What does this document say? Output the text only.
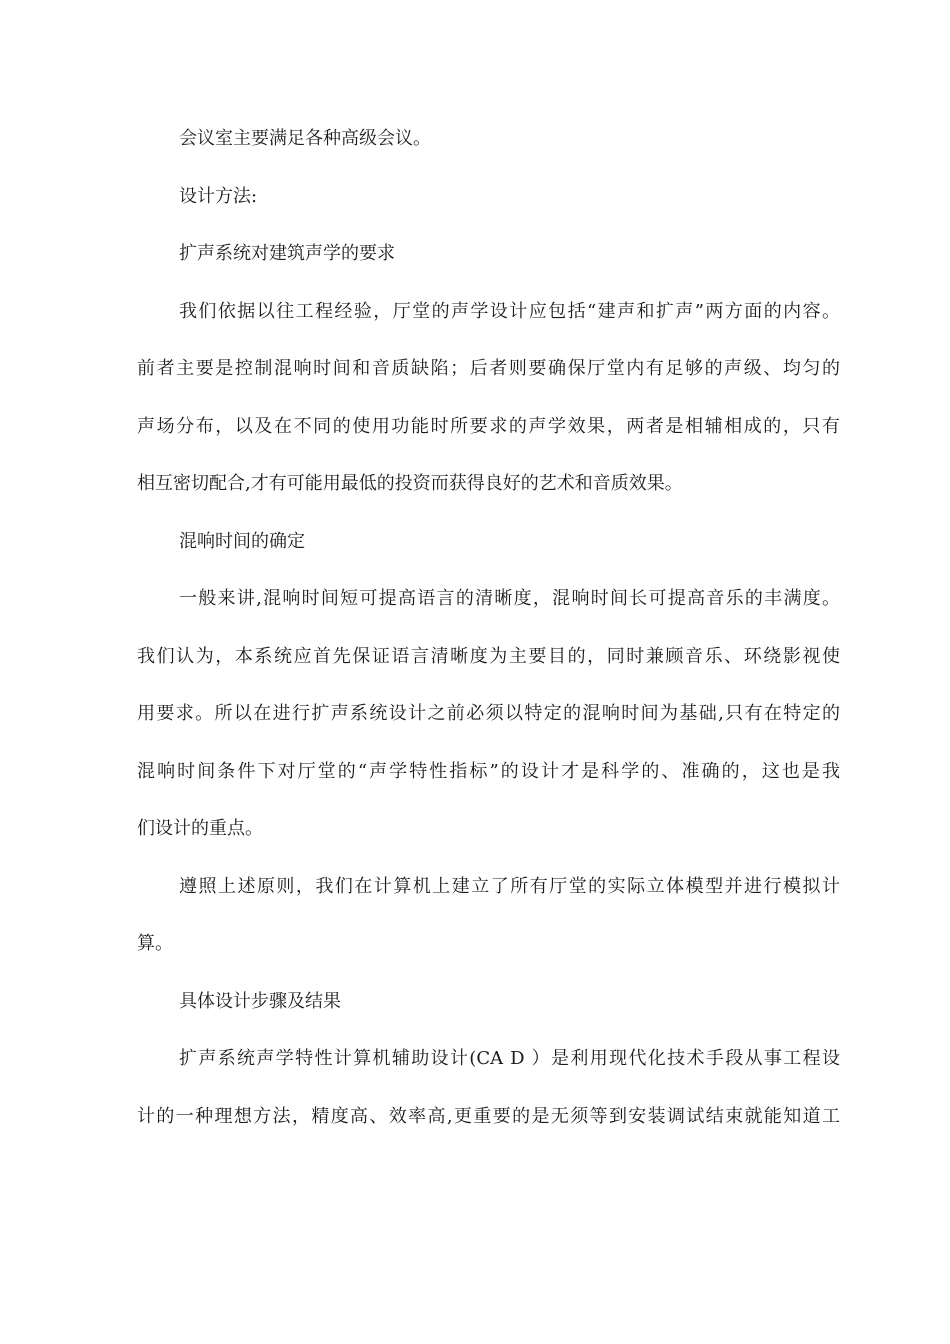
会议室主要满足各种高级会议。
设计方法:
扩声系统对建筑声学的要求
我们依据以往工程经验，厅堂的声学设计应包括“建声和扩声”两方面的内容。
前者主要是控制混响时间和音质缺陷；后者则要确保厅堂内有足够的声级、均匀的
声场分布，以及在不同的使用功能时所要求的声学效果，两者是相辅相成的，只有
相互密切配合,才有可能用最低的投资而获得良好的艺术和音质效果。
混响时间的确定
一般来讲,混响时间短可提高语言的清晰度，混响时间长可提高音乐的丰满度。
我们认为，本系统应首先保证语言清晰度为主要目的，同时兼顾音乐、环绕影视使
用要求。所以在进行扩声系统设计之前必须以特定的混响时间为基础,只有在特定的
混响时间条件下对厅堂的“声学特性指标”的设计才是科学的、准确的，这也是我
们设计的重点。
遵照上述原则，我们在计算机上建立了所有厅堂的实际立体模型并进行模拟计
算。
具体设计步骤及结果
扩声系统声学特性计算机辅助设计(CA D ）是利用现代化技术手段从事工程设
计的一种理想方法，精度高、效率高,更重要的是无须等到安装调试结束就能知道工
